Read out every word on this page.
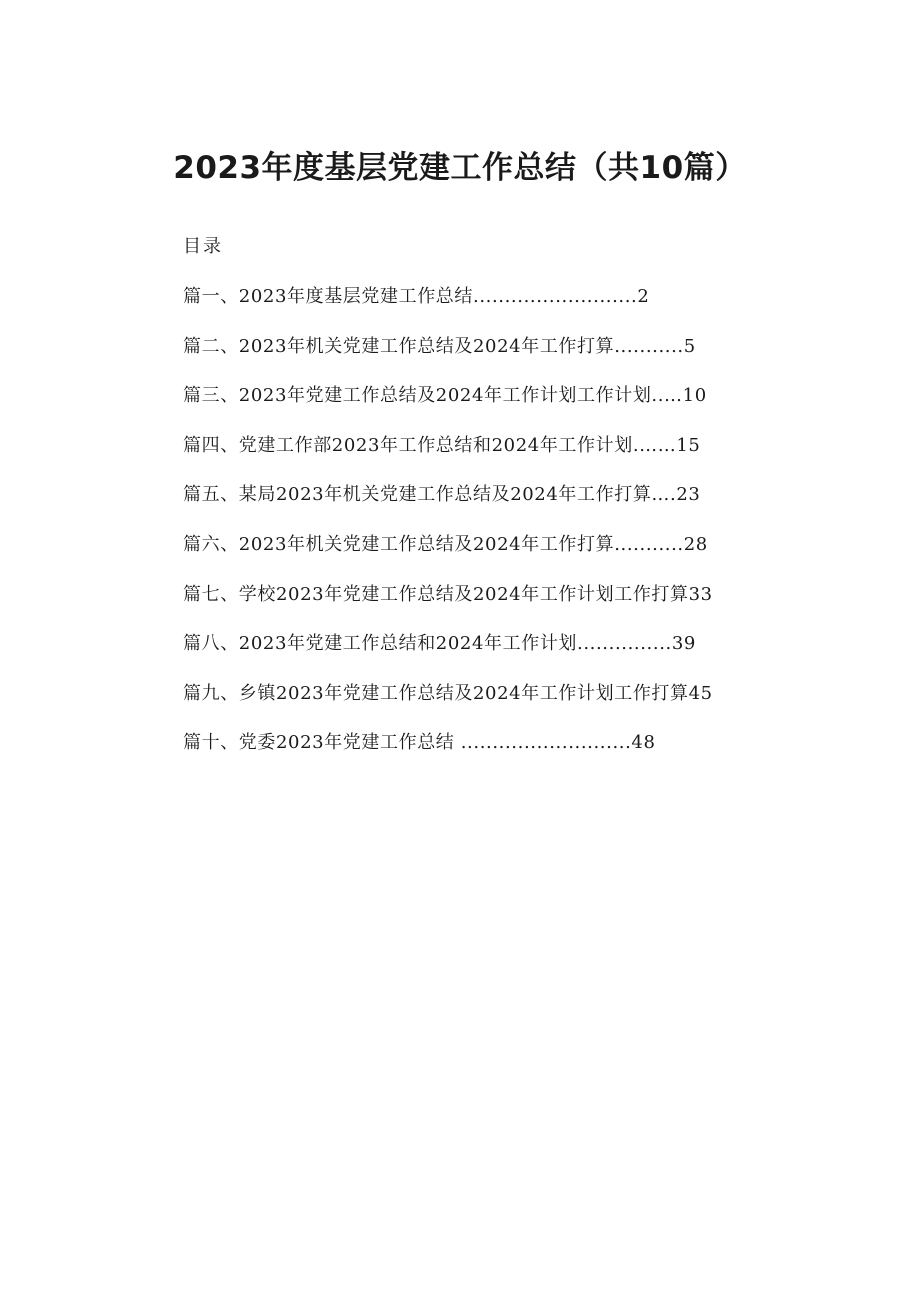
2023年度基层党建工作总结（共10篇）
目录
篇一、2023年度基层党建工作总结..........................2
篇二、2023年机关党建工作总结及2024年工作打算...........5
篇三、2023年党建工作总结及2024年工作计划工作计划..…10
篇四、党建工作部2023年工作总结和2024年工作计划.……15
篇五、某局2023年机关党建工作总结及2024年工作打算….23
篇六、2023年机关党建工作总结及2024年工作打算...........28
篇七、学校2023年党建工作总结及2024年工作计划工作打算33
篇八、2023年党建工作总结和2024年工作计划...............39
篇九、乡镇2023年党建工作总结及2024年工作计划工作打算45
篇十、党委2023年党建工作总结 ...........................48
